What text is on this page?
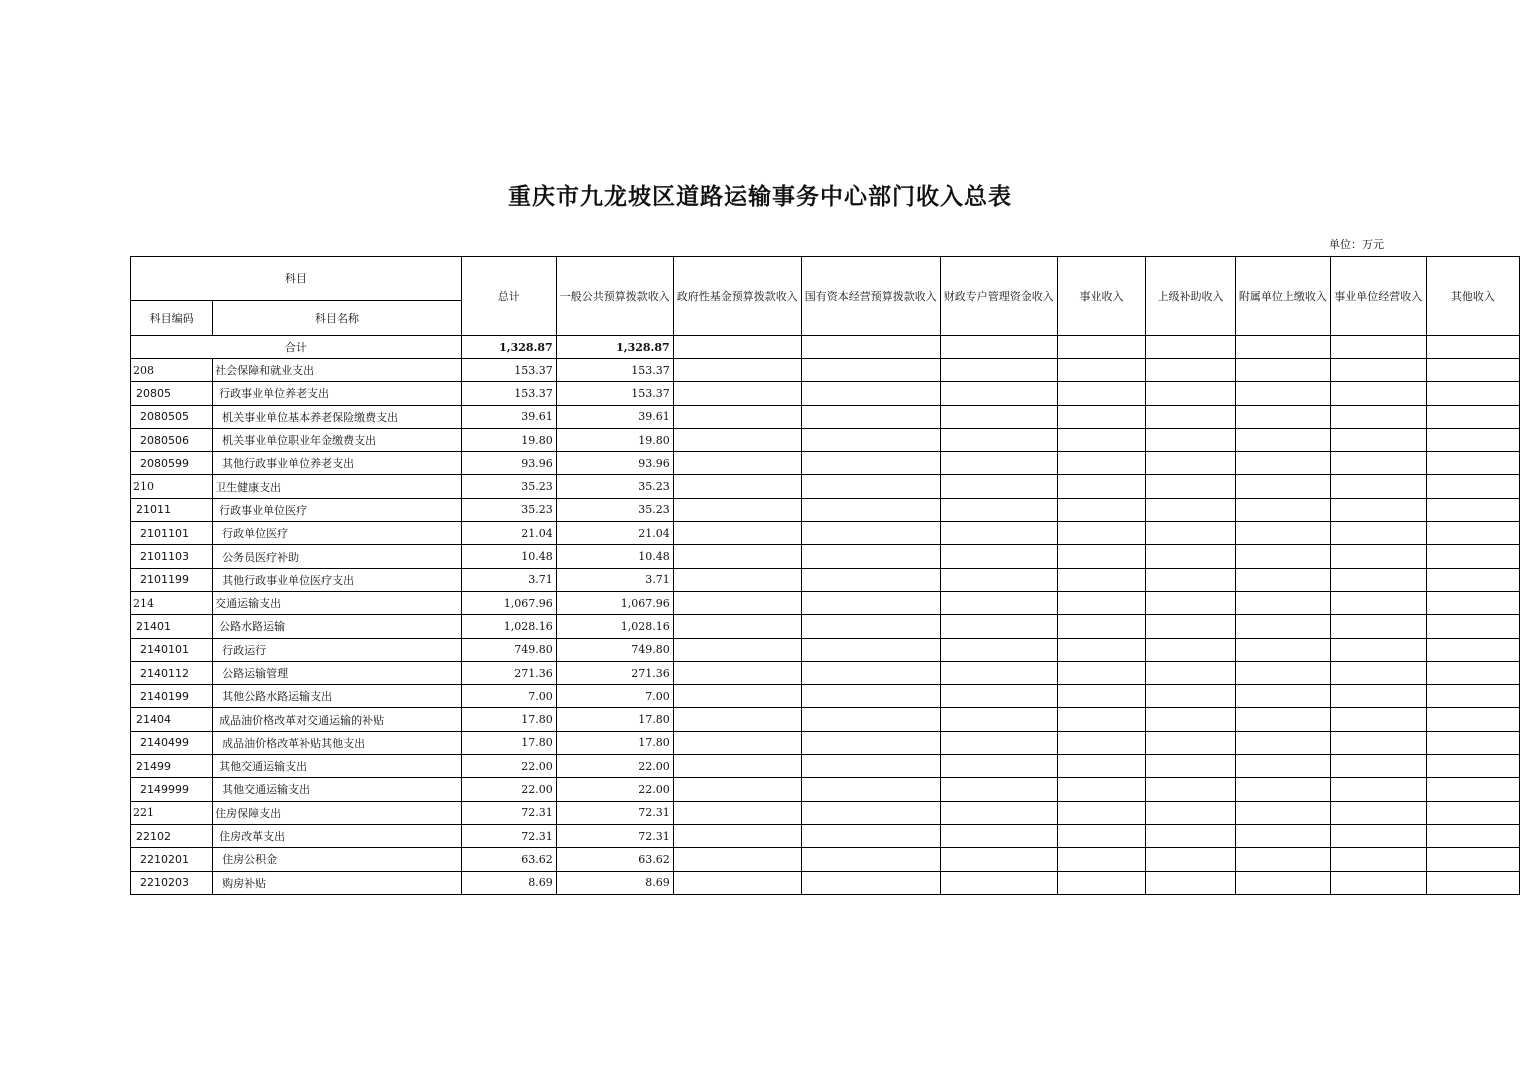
重庆市九龙坡区道路运输事务中心部门收入总表
单位：万元
科目		总计	一般公共预算拨款收入	政府性基金预算拨款收入	国有资本经营预算拨款收入	财政专户管理资金收入	事业收入	上级补助收入	附属单位上缴收入	事业单位经营收入	其他收入
科目编码	科目名称										
合计		1,328.87	1,328.87								
208	社会保障和就业支出	153.37	153.37								
20805	行政事业单位养老支出	153.37	153.37								
2080505	机关事业单位基本养老保险缴费支出	39.61	39.61								
2080506	机关事业单位职业年金缴费支出	19.80	19.80								
2080599	其他行政事业单位养老支出	93.96	93.96								
210	卫生健康支出	35.23	35.23								
21011	行政事业单位医疗	35.23	35.23								
2101101	行政单位医疗	21.04	21.04								
2101103	公务员医疗补助	10.48	10.48								
2101199	其他行政事业单位医疗支出	3.71	3.71								
214	交通运输支出	1,067.96	1,067.96								
21401	公路水路运输	1,028.16	1,028.16								
2140101	行政运行	749.80	749.80								
2140112	公路运输管理	271.36	271.36								
2140199	其他公路水路运输支出	7.00	7.00								
21404	成品油价格改革对交通运输的补贴	17.80	17.80								
2140499	成品油价格改革补贴其他支出	17.80	17.80								
21499	其他交通运输支出	22.00	22.00								
2149999	其他交通运输支出	22.00	22.00								
221	住房保障支出	72.31	72.31								
22102	住房改革支出	72.31	72.31								
2210201	住房公积金	63.62	63.62								
2210203	购房补贴	8.69	8.69								
